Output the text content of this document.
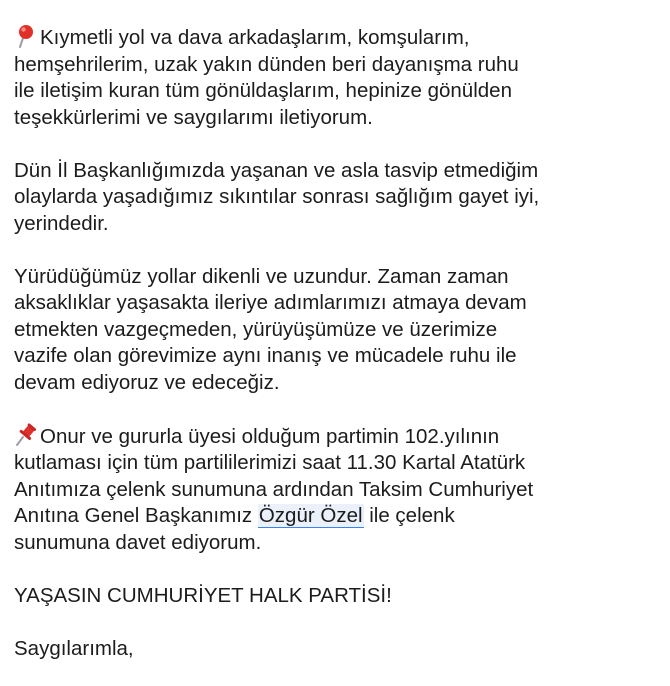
Kıymetli yol va dava arkadaşlarım, komşularım,
hemşehrilerim, uzak yakın dünden beri dayanışma ruhu
ile iletişim kuran tüm gönüldaşlarım, hepinize gönülden
teşekkürlerimi ve saygılarımı iletiyorum.
Dün İl Başkanlığımızda yaşanan ve asla tasvip etmediğim
olaylarda yaşadığımız sıkıntılar sonrası sağlığım gayet iyi,
yerindedir.
Yürüdüğümüz yollar dikenli ve uzundur. Zaman zaman
aksaklıklar yaşasakta ileriye adımlarımızı atmaya devam
etmekten vazgeçmeden, yürüyüşümüze ve üzerimize
vazife olan görevimize aynı inanış ve mücadele ruhu ile
devam ediyoruz ve edeceğiz.
Onur ve gururla üyesi olduğum partimin 102.yılının
kutlaması için tüm partililerimizi saat 11.30 Kartal Atatürk
Anıtımıza çelenk sunumuna ardından Taksim Cumhuriyet
Anıtına Genel Başkanımız Özgür Özel ile çelenk
sunumuna davet ediyorum.
YAŞASIN CUMHURİYET HALK PARTİSİ!
Saygılarımla,
